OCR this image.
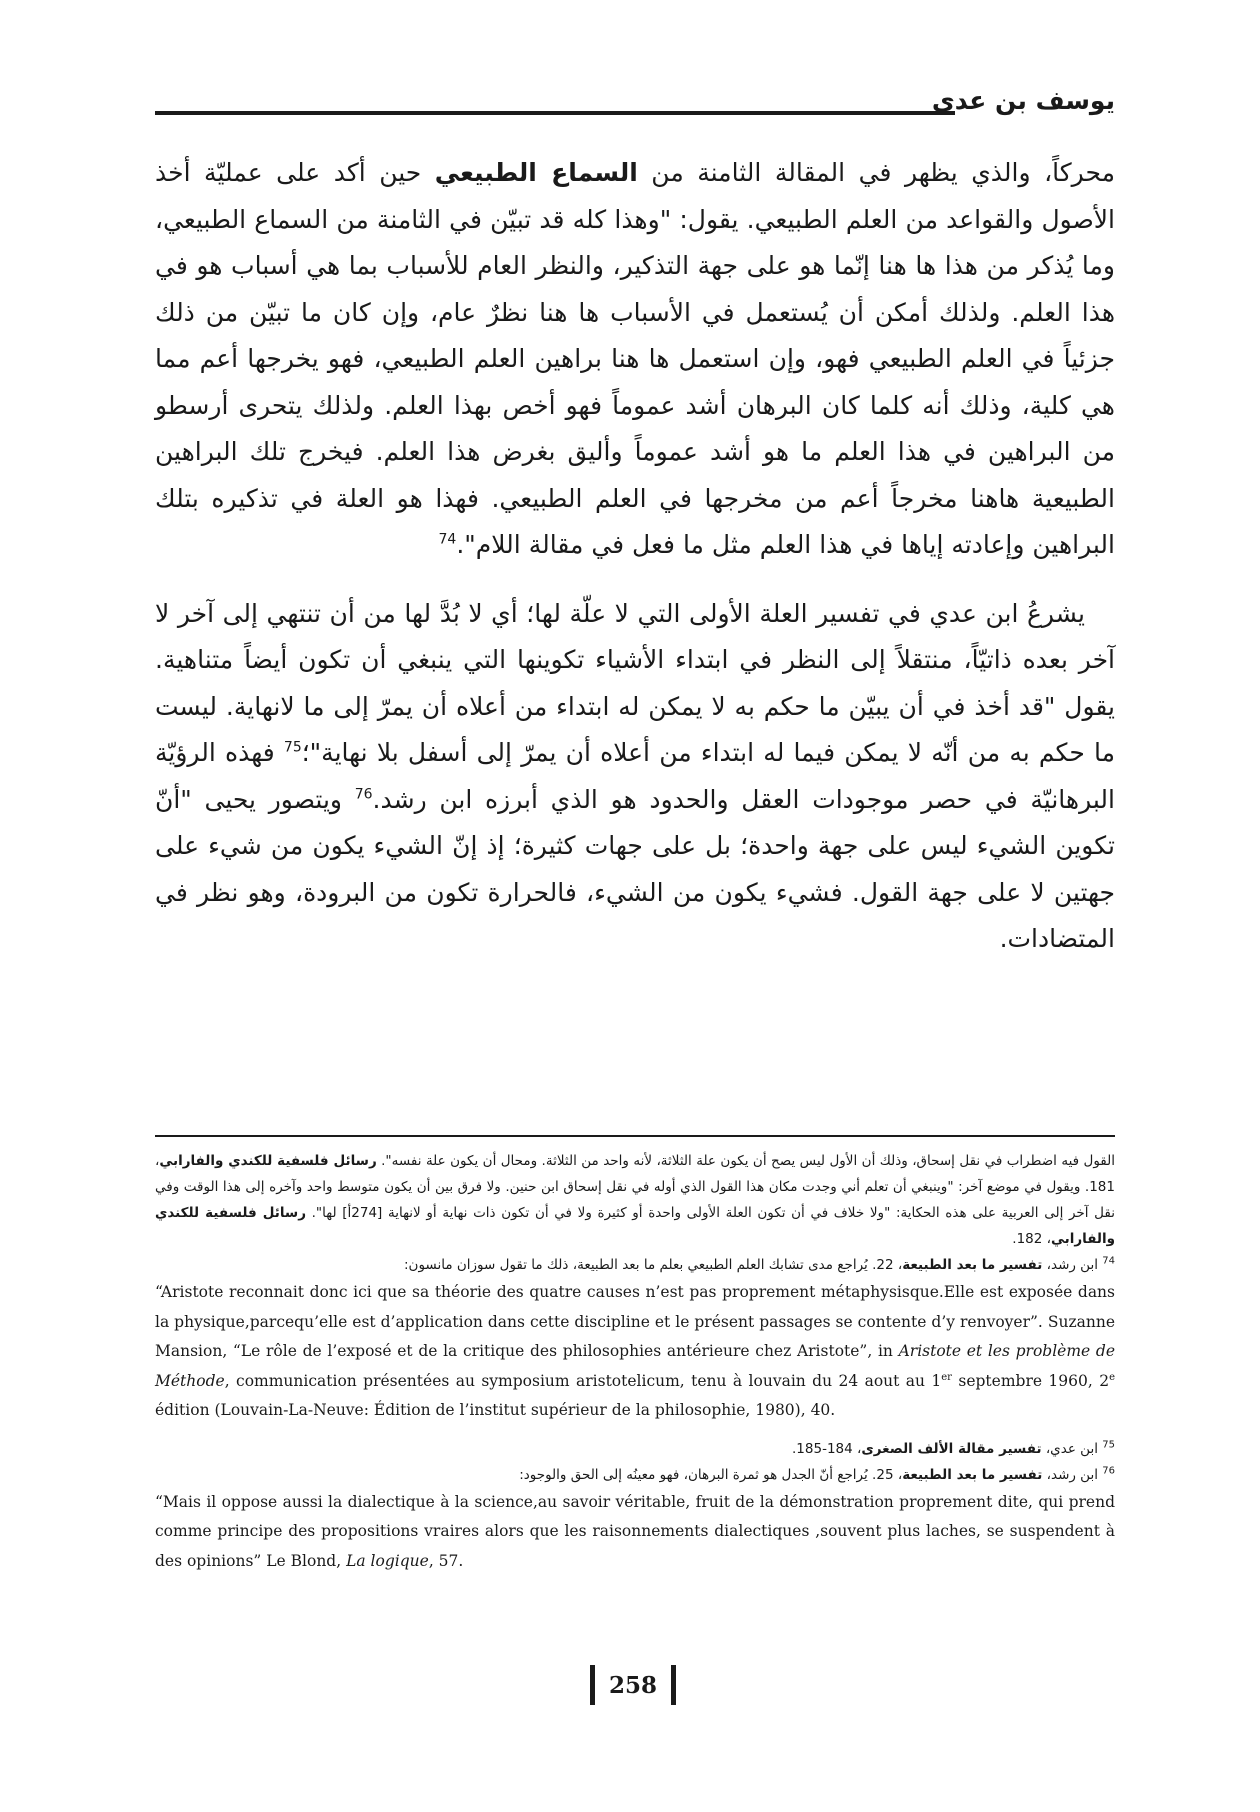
يوسف بن عدي

محركاً، والذي يظهر في المقالة الثامنة من السماع الطبيعي حين أكد على عمليّة أخذ الأصول والقواعد من العلم الطبيعي. يقول: "وهذا كله قد تبيّن في الثامنة من السماع الطبيعي، وما يُذكر من هذا ها هنا إنّما هو على جهة التذكير، والنظر العام للأسباب بما هي أسباب هو في هذا العلم. ولذلك أمكن أن يُستعمل في الأسباب ها هنا نظرٌ عام، وإن كان ما تبيّن من ذلك جزئياً في العلم الطبيعي فهو، وإن استعمل ها هنا براهين العلم الطبيعي، فهو يخرجها أعم مما هي كلية، وذلك أنه كلما كان البرهان أشد عموماً فهو أخص بهذا العلم. ولذلك يتحرى أرسطو من البراهين في هذا العلم ما هو أشد عموماً وأليق بغرض هذا العلم. فيخرج تلك البراهين الطبيعية هاهنا مخرجاً أعم من مخرجها في العلم الطبيعي. فهذا هو العلة في تذكيره بتلك البراهين وإعادته إياها في هذا العلم مثل ما فعل في مقالة اللام".$^{74}$

يشرعُ ابن عدي في تفسير العلة الأولى التي لا علّة لها؛ أي لا بُدَّ لها من أن تنتهي إلى آخر لا آخر بعده ذاتيّاً، منتقلاً إلى النظر في ابتداء الأشياء تكوينها التي ينبغي أن تكون أيضاً متناهية. يقول "قد أخذ في أن يبيّن ما حكم به لا يمكن له ابتداء من أعلاه أن يمرّ إلى ما لانهاية. ليست ما حكم به من أنّه لا يمكن فيما له ابتداء من أعلاه أن يمرّ إلى أسفل بلا نهاية"؛$^{75}$ فهذه الرؤيّة البرهانيّة في حصر موجودات العقل والحدود هو الذي أبرزه ابن رشد.$^{76}$ ويتصور يحيى "أنّ تكوين الشيء ليس على جهة واحدة؛ بل على جهات كثيرة؛ إذ إنّ الشيء يكون من شيء على جهتين لا على جهة القول. فشيء يكون من الشيء، فالحرارة تكون من البرودة، وهو نظر في المتضادات.

القول فيه اضطراب في نقل إسحاق، وذلك أن الأول ليس يصح أن يكون علة الثلاثة، لأنه واحد من الثلاثة. ومحال أن يكون علة نفسه". رسائل فلسفية للكندي والفارابي، 181. ويقول في موضع آخر: "وينبغي أن تعلم أني وجدت مكان هذا القول الذي أوله في نقل إسحاق ابن حنين. ولا فرق بين أن يكون متوسط واحد وآخره إلى هذا الوقت وفي نقل آخر إلى العربية على هذه الحكاية: "ولا خلاف في أن تكون العلة الأولى واحدة أو كثيرة ولا في أن تكون ذات نهاية أو لانهاية [274أ] لها". رسائل فلسفية للكندي والفارابي، 182.

$^{74}$ ابن رشد، تفسير ما بعد الطبيعة، 22. يُراجع مدى تشابك العلم الطبيعي بعلم ما بعد الطبيعة، ذلك ما تقول سوزان مانسون:

“Aristote reconnait donc ici que sa théorie des quatre causes n’est pas proprement métaphysisque.Elle est exposée dans la physique,parcequ’elle est d’application dans cette discipline et le présent passages se contente d’y renvoyer”. Suzanne Mansion, “Le rôle de l’exposé et de la critique des philosophies antérieure chez Aristote”, in Aristote et les problème de Méthode, communication présentées au symposium aristotelicum, tenu à louvain du 24 aout au 1er septembre 1960, 2e édition (Louvain-La-Neuve: Édition de l’institut supérieur de la philosophie, 1980), 40.

$^{75}$ ابن عدي، تفسير مقالة الألف الصغرى، 184-185.

$^{76}$ ابن رشد، تفسير ما بعد الطبيعة، 25. يُراجع أنّ الجدل هو ثمرة البرهان، فهو معينُه إلى الحق والوجود:

“Mais il oppose aussi la dialectique à la science,au savoir véritable, fruit de la démonstration proprement dite, qui prend comme principe des propositions vraires alors que les raisonnements dialectiques ,souvent plus laches, se suspendent à des opinions” Le Blond, La logique, 57.

258
